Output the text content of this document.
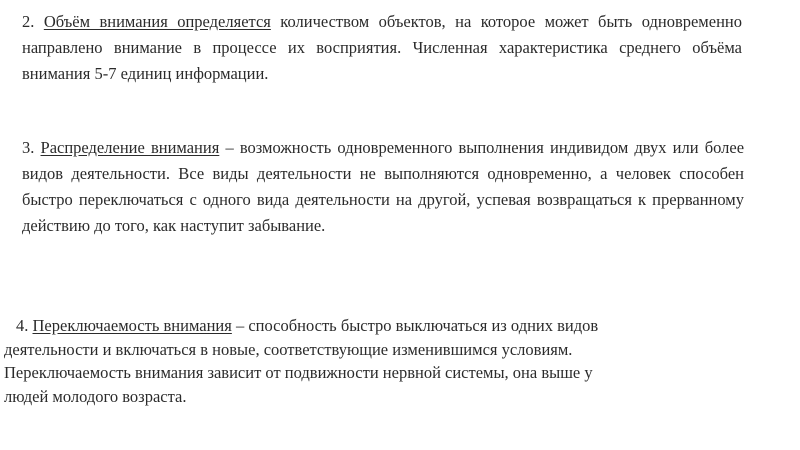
2. Объём внимания определяется количеством объектов, на которое может быть одновременно направлено внимание в процессе их восприятия. Численная характеристика среднего объёма внимания 5-7 единиц информации.

3. Распределение внимания – возможность одновременного выполнения индивидом двух или более видов деятельности. Все виды деятельности не выполняются одновременно, а человек способен быстро переключаться с одного вида деятельности на другой, успевая возвращаться к прерванному действию до того, как наступит забывание.

4. Переключаемость внимания – способность быстро выключаться из одних видов

деятельности и включаться в новые, соответствующие изменившимся условиям.

Переключаемость внимания зависит от подвижности нервной системы, она выше у

людей молодого возраста.
